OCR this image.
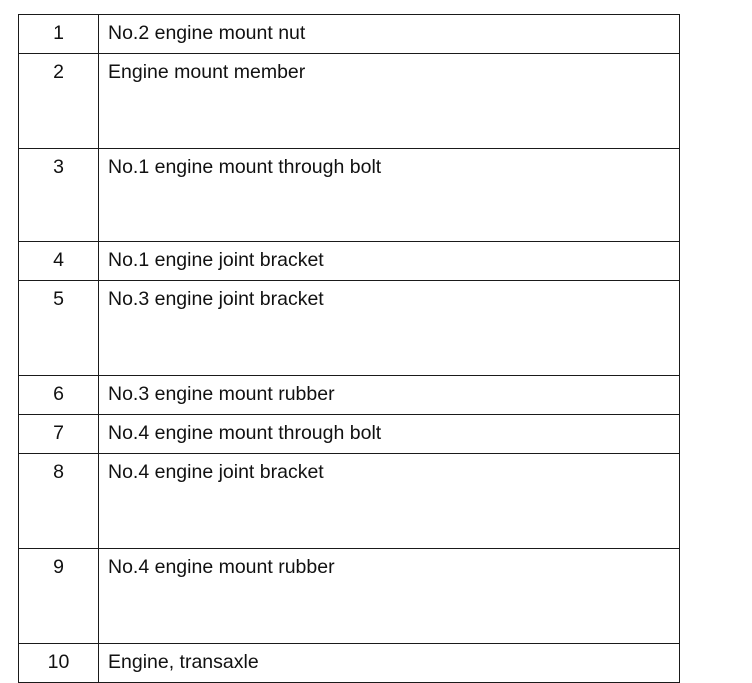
1	No.2 engine mount nut
2	Engine mount member
3	No.1 engine mount through bolt
4	No.1 engine joint bracket
5	No.3 engine joint bracket
6	No.3 engine mount rubber
7	No.4 engine mount through bolt
8	No.4 engine joint bracket
9	No.4 engine mount rubber
10	Engine, transaxle
